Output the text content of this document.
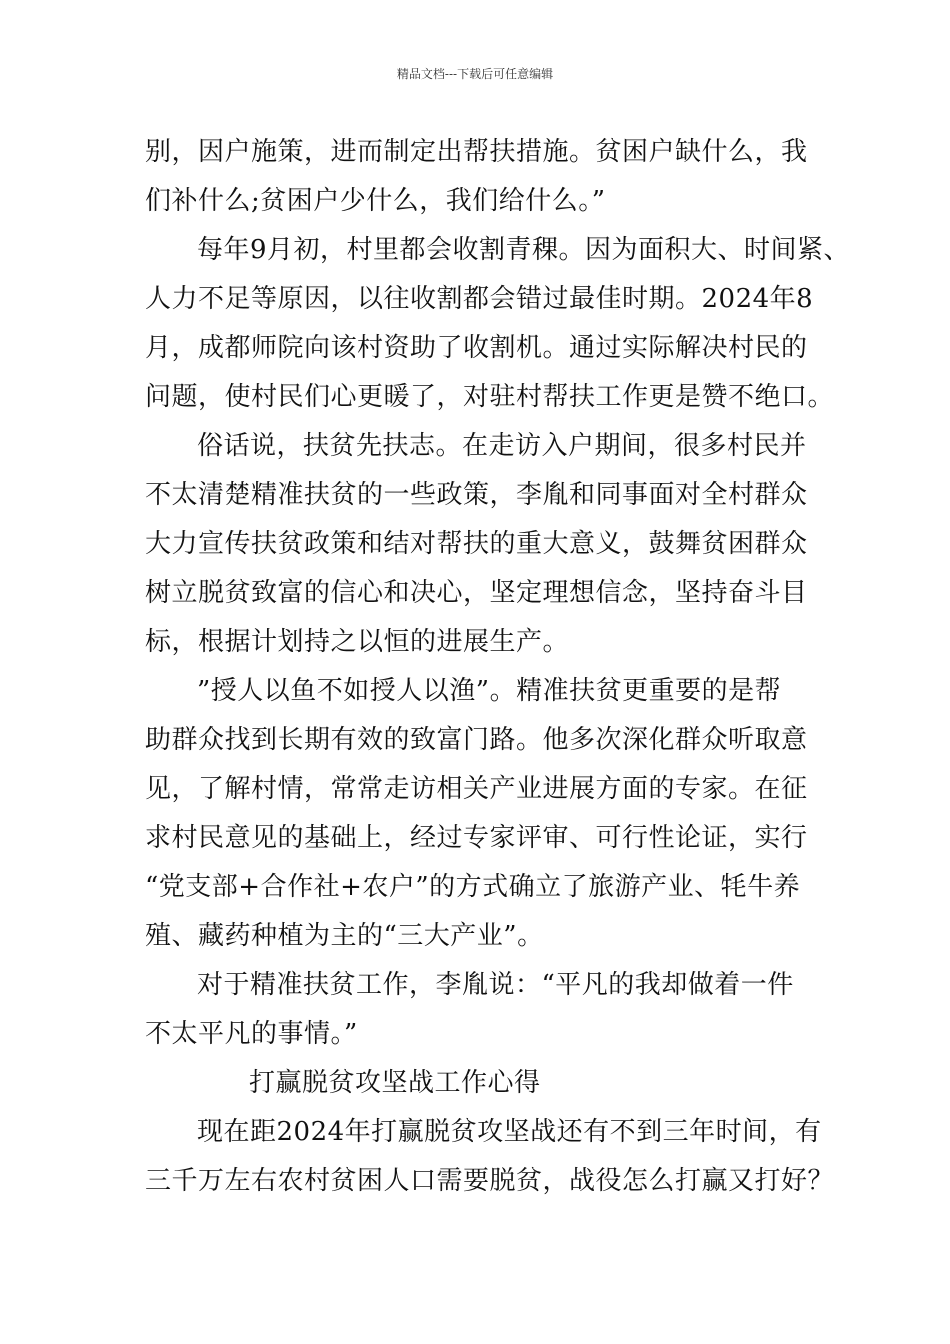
精品文档---下载后可任意编辑
别，因户施策，进而制定出帮扶措施。贫困户缺什么，我
们补什么;贫困户少什么，我们给什么。”
每年9月初，村里都会收割青稞。因为面积大、时间紧、
人力不足等原因，以往收割都会错过最佳时期。2024年8
月，成都师院向该村资助了收割机。通过实际解决村民的
问题，使村民们心更暖了，对驻村帮扶工作更是赞不绝口。
俗话说，扶贫先扶志。在走访入户期间，很多村民并
不太清楚精准扶贫的一些政策，李胤和同事面对全村群众
大力宣传扶贫政策和结对帮扶的重大意义，鼓舞贫困群众
树立脱贫致富的信心和决心，坚定理想信念，坚持奋斗目
标，根据计划持之以恒的进展生产。
”授人以鱼不如授人以渔”。精准扶贫更重要的是帮
助群众找到长期有效的致富门路。他多次深化群众听取意
见，了解村情，常常走访相关产业进展方面的专家。在征
求村民意见的基础上，经过专家评审、可行性论证，实行
“党支部+合作社+农户”的方式确立了旅游产业、牦牛养
殖、藏药种植为主的“三大产业”。
对于精准扶贫工作，李胤说：“平凡的我却做着一件
不太平凡的事情。”
打赢脱贫攻坚战工作心得
现在距2024年打赢脱贫攻坚战还有不到三年时间，有
三千万左右农村贫困人口需要脱贫，战役怎么打赢又打好？
